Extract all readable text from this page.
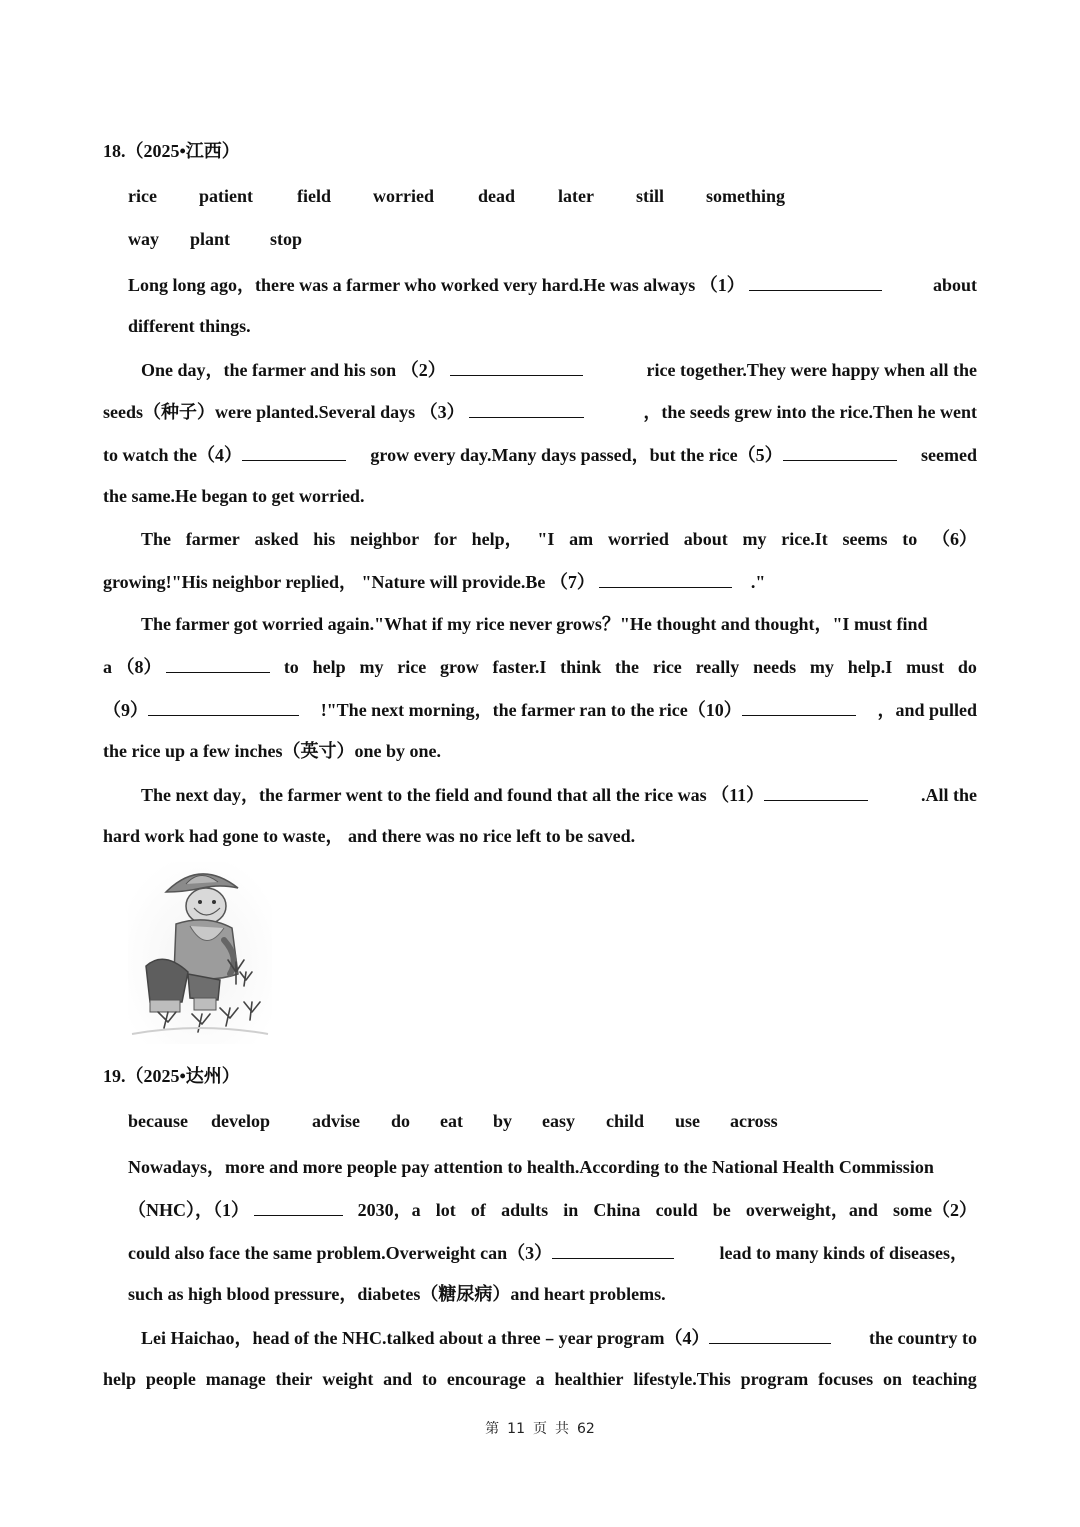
18.（2025•江西）
rice	patient	field	worried	dead	later	still	something
way	plant	stop
Long long ago，there was a farmer who worked very hard.He was always （1）	about
different things.
One day，the farmer and his son （2）	rice together.They were happy when all the
seeds（种子）were planted.Several days （3）	，the seeds grew into the rice.Then he went
to watch the（4）	grow every day.Many days passed，but the rice（5）	seemed
the same.He began to get worried.
The farmer asked his neighbor for help， "I am worried about my rice.It seems to （6）
growing!"His neighbor replied， "Nature will provide.Be （7）	."
The farmer got worried again."What if my rice never grows？"He thought and thought，"I must find
a （8）	to help my rice grow faster.I think the rice really needs my help.I must do
（9）	!"The next morning，the farmer ran to the rice（10）	，and pulled
the rice up a few inches（英寸）one by one.
The next day，the farmer went to the field and found that all the rice was （11）	.All the
hard work had gone to waste， and there was no rice left to be saved.
19.（2025•达州）
because	develop	advise	do	eat	by	easy	child	use	across
Nowadays，more and more people pay attention to health.According to the National Health Commission
（NHC），（1）	2030，a lot of adults in China could be overweight，and some（2）
could also face the same problem.Overweight can（3）	lead to many kinds of diseases，
such as high blood pressure，diabetes（糖尿病）and heart problems.
Lei Haichao，head of the NHC.talked about a three﹣year program（4）	the country to
help people manage their weight and to encourage a healthier lifestyle.This program focuses on teaching
第 11 页 共 62
